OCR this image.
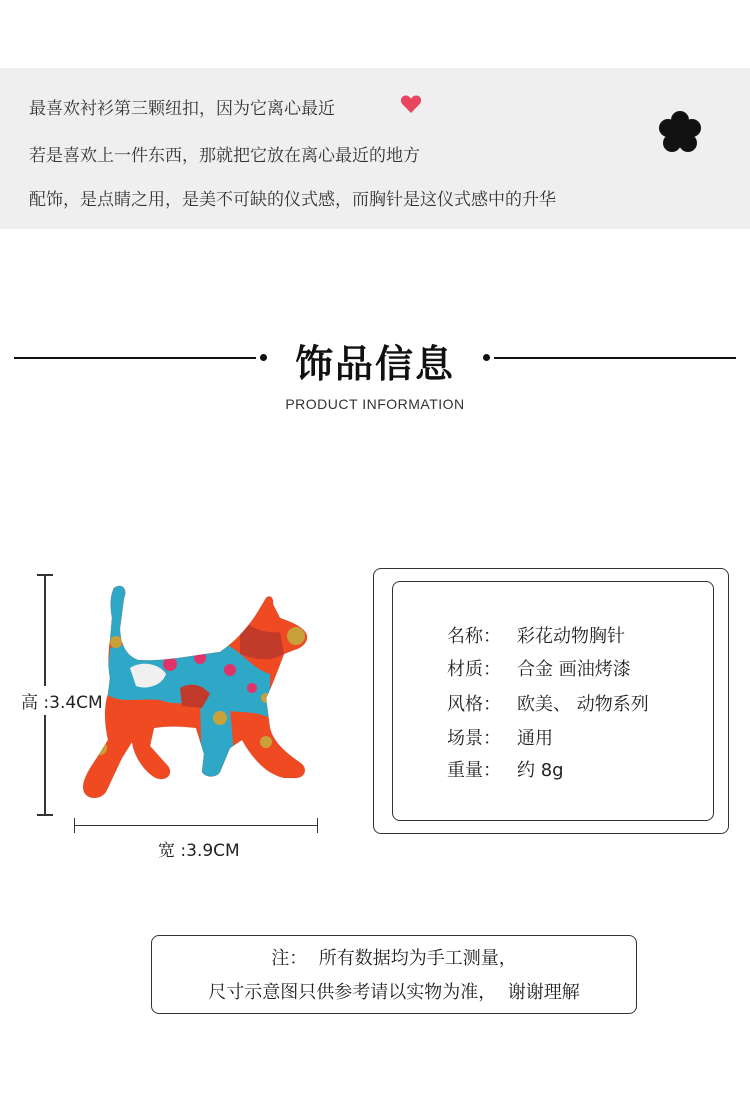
最喜欢衬衫第三颗纽扣，因为它离心最近
若是喜欢上一件东西，那就把它放在离心最近的地方
配饰，是点睛之用，是美不可缺的仪式感，而胸针是这仪式感中的升华
饰品信息
PRODUCT INFORMATION
高 :3.4CM
宽 :3.9CM
名称： 彩花动物胸针
材质： 合金 画油烤漆
风格： 欧美、 动物系列
场景： 通用
重量： 约 8g
注：  所有数据均为手工测量，
尺寸示意图只供参考请以实物为准，  谢谢理解
